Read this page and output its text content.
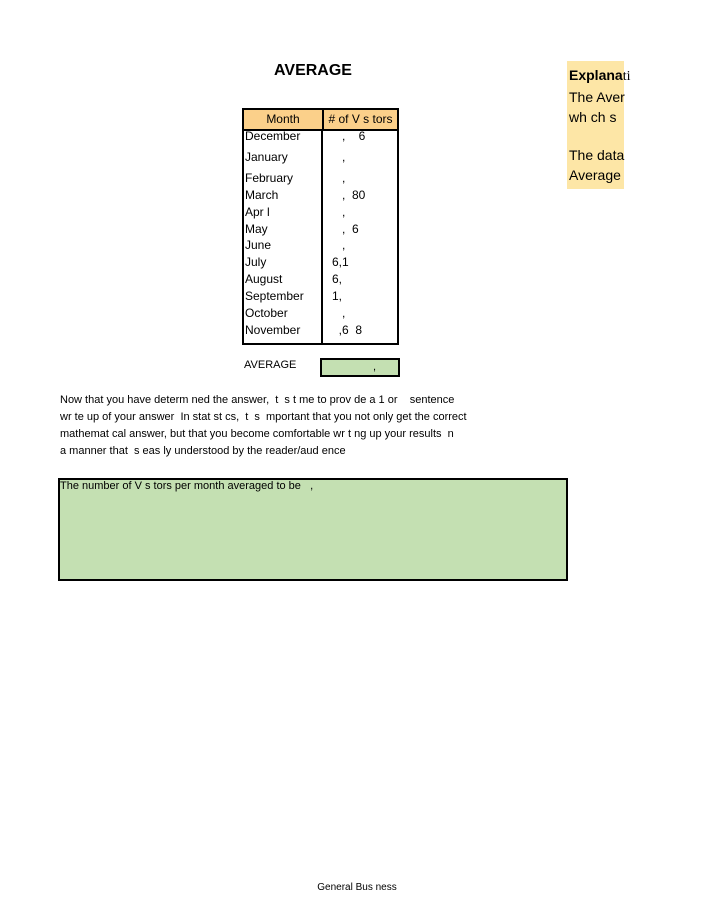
AVERAGE	Explanati
The Aver
wh ch s
The data
Average
Month	# of V s tors
December	,    6
January	,
February	,
March	,  80
Apr l	,
May	,  6
June	,
July	6,1
August	6,
September 1,
October	,
November	,6  8
AVERAGE	,
Now that you have determ ned the answer,  t  s t me to prov de a 1 or    sentence
wr te up of your answer  In stat st cs,  t  s  mportant that you not only get the correct
mathemat cal answer, but that you become comfortable wr t ng up your results  n
a manner that  s eas ly understood by the reader/aud ence
The number of V s tors per month averaged to be   ,
General Bus ness
